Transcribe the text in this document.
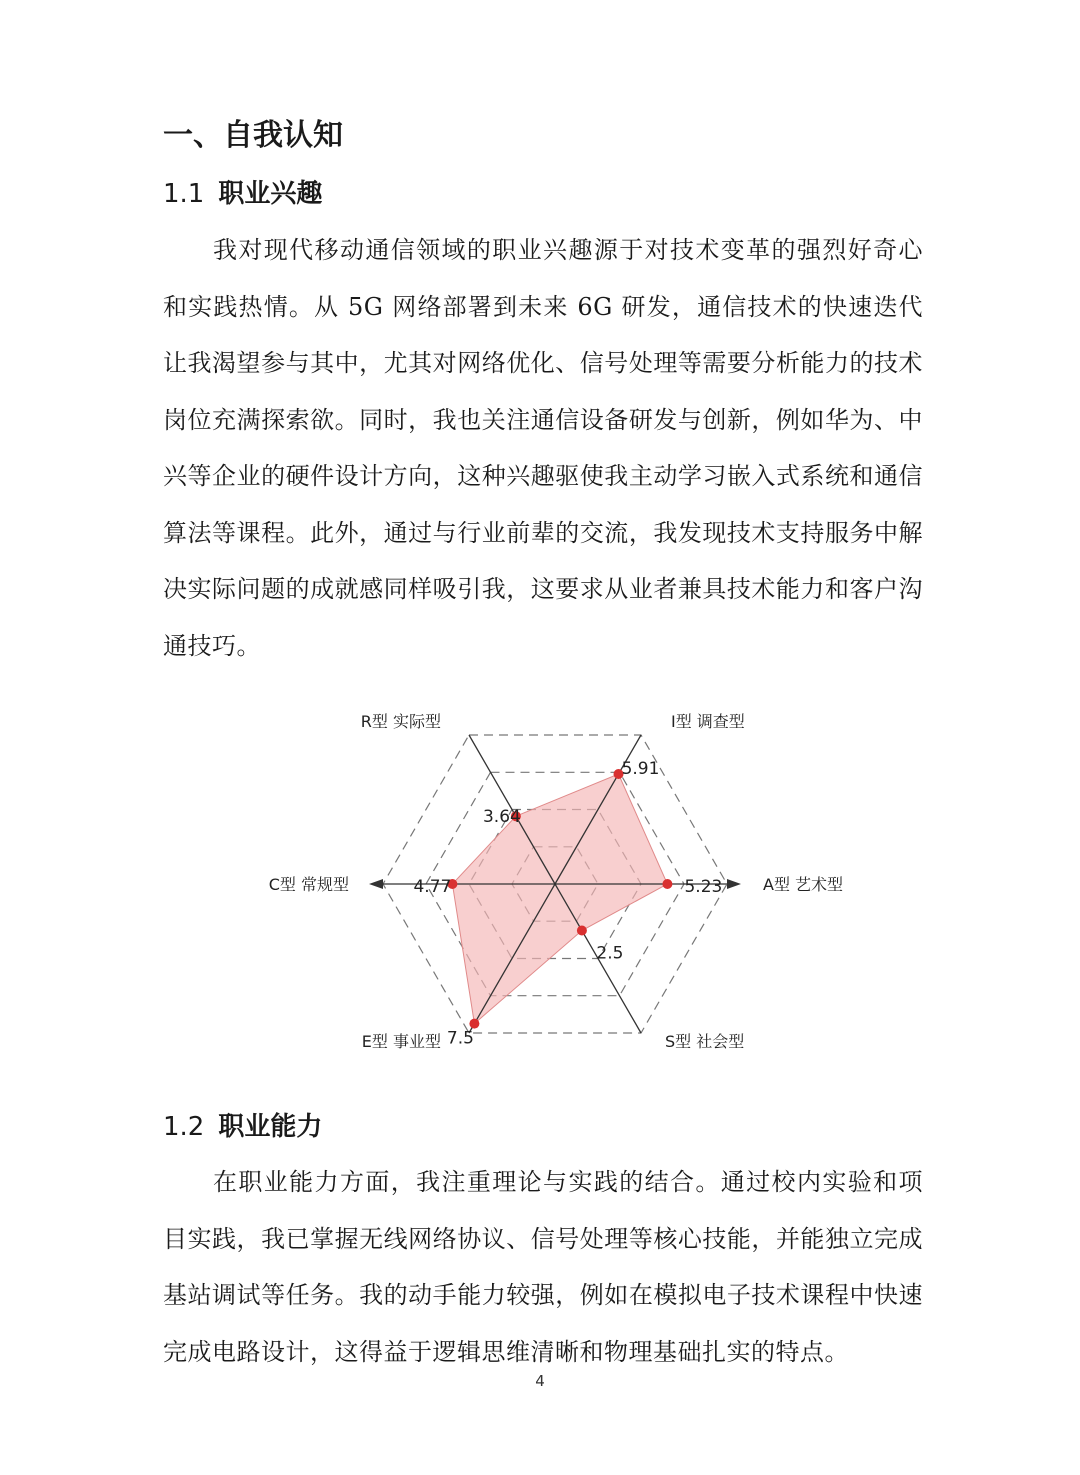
一、自我认知
1.1 职业兴趣

我对现代移动通信领域的职业兴趣源于对技术变革的强烈好奇心和实践热情。从 5G 网络部署到未来 6G 研发，通信技术的快速迭代让我渴望参与其中，尤其对网络优化、信号处理等需要分析能力的技术岗位充满探索欲。同时，我也关注通信设备研发与创新，例如华为、中兴等企业的硬件设计方向，这种兴趣驱使我主动学习嵌入式系统和通信算法等课程。此外，通过与行业前辈的交流，我发现技术支持服务中解决实际问题的成就感同样吸引我，这要求从业者兼具技术能力和客户沟通技巧。

3.64
5.91
5.23
2.5
7.5
4.77
R型 实际型	I型 调查型
A型 艺术型
S型 社会型
E型 事业型
C型 常规型
1.2 职业能力

在职业能力方面，我注重理论与实践的结合。通过校内实验和项目实践，我已掌握无线网络协议、信号处理等核心技能，并能独立完成基站调试等任务。我的动手能力较强，例如在模拟电子技术课程中快速完成电路设计，这得益于逻辑思维清晰和物理基础扎实的特点。

4
